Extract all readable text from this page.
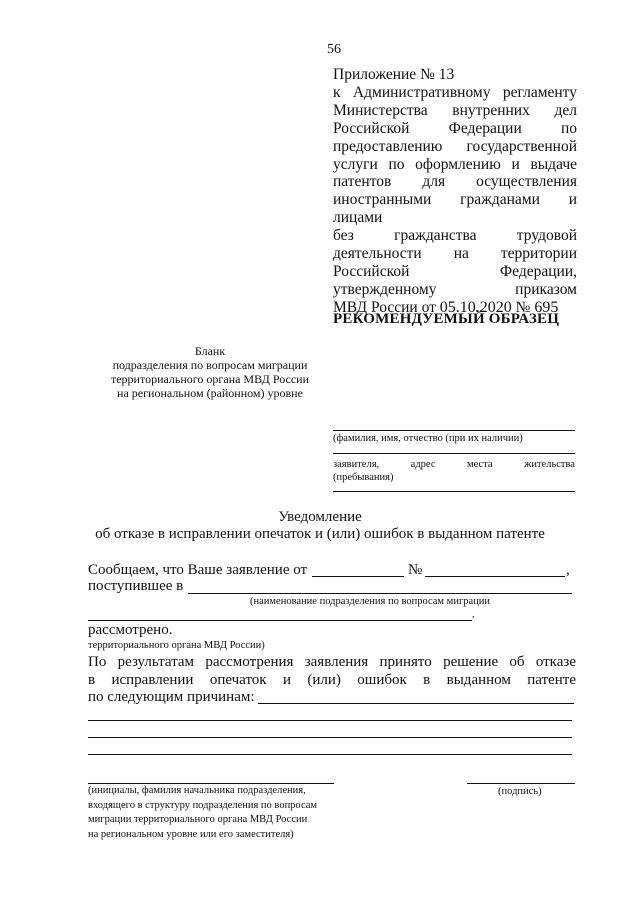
56
Приложение № 13
к Административному регламенту
Министерства внутренних дел
Российской Федерации по
предоставлению государственной
услуги по оформлению и выдаче
патентов для осуществления
иностранными гражданами и лицами
без гражданства трудовой
деятельности на территории
Российской Федерации,
утвержденному приказом
МВД России от 05.10.2020 № 695
РЕКОМЕНДУЕМЫЙ ОБРАЗЕЦ
Бланк
подразделения по вопросам миграции
территориального органа МВД России
на региональном (районном) уровне
(фамилия, имя, отчество (при их наличии)
заявителя,	адрес	места	жительства
(пребывания)
Уведомление
об отказе в исправлении опечаток и (или) ошибок в выданном патенте
Сообщаем, что Ваше заявление от	№	,
поступившее в
(наименование подразделения по вопросам миграции
,
рассмотрено.
территориального органа МВД России)
По результатам рассмотрения заявления принято решение об отказе
в исправлении опечаток и (или) ошибок в выданном патенте
по следующим причинам:
(инициалы, фамилия начальника подразделения,
входящего в структуру подразделения по вопросам
миграции территориального органа МВД России
на региональном уровне или его заместителя)
(подпись)
